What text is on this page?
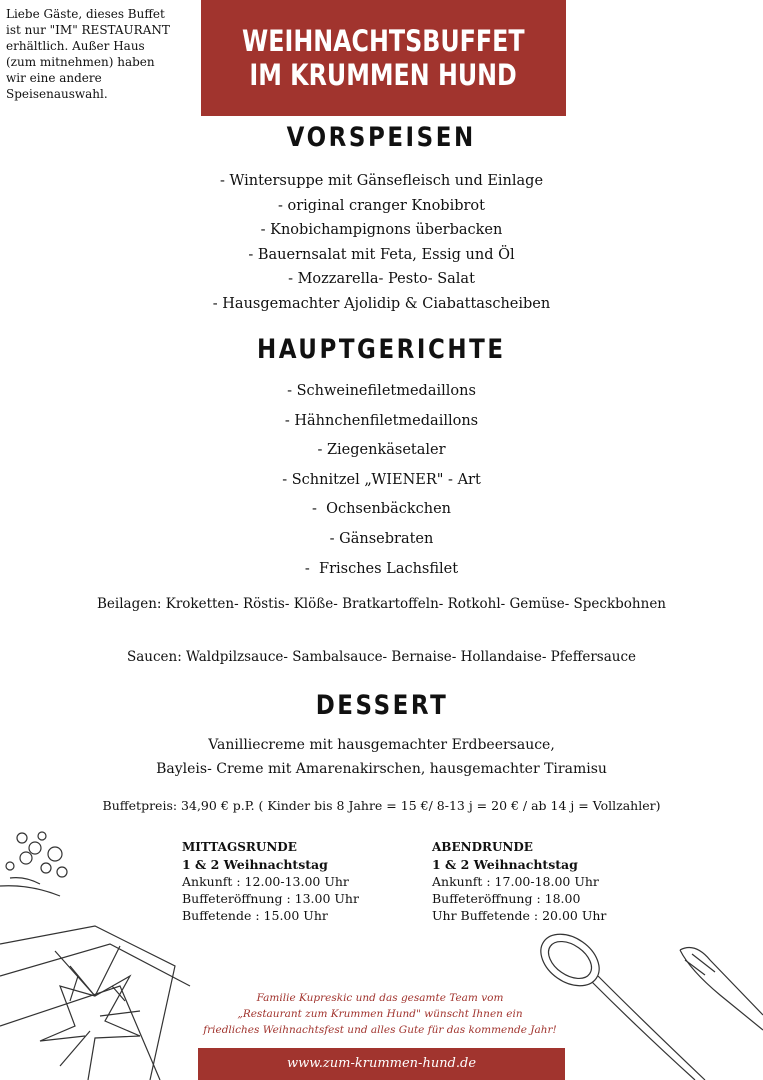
Liebe Gäste, dieses Buffet
ist nur "IM" RESTAURANT
erhältlich. Außer Haus
(zum mitnehmen) haben
wir eine andere
Speisenauswahl.
WEIHNACHTSBUFFET
IM KRUMMEN HUND
VORSPEISEN
- Wintersuppe mit Gänsefleisch und Einlage
- original cranger Knobibrot
- Knobichampignons überbacken
- Bauernsalat mit Feta, Essig und Öl
- Mozzarella- Pesto- Salat
- Hausgemachter Ajolidip & Ciabattascheiben
HAUPTGERICHTE
- Schweinefiletmedaillons
- Hähnchenfiletmedaillons
- Ziegenkäsetaler
- Schnitzel „WIENER" - Art
-  Ochsenbäckchen
- Gänsebraten
-  Frisches Lachsfilet
Beilagen: Kroketten- Röstis- Klöße- Bratkartoffeln- Rotkohl- Gemüse- Speckbohnen
Saucen: Waldpilzsauce- Sambalsauce- Bernaise- Hollandaise- Pfeffersauce
DESSERT
Vanilliecreme mit hausgemachter Erdbeersauce,
Bayleis- Creme mit Amarenakirschen, hausgemachter Tiramisu
Buffetpreis: 34,90 € p.P. ( Kinder bis 8 Jahre = 15 €/ 8-13 j = 20 € / ab 14 j = Vollzahler)
MITTAGSRUNDE
1 & 2 Weihnachtstag
Ankunft : 12.00-13.00 Uhr
Buffeteröffnung : 13.00 Uhr
Buffetende : 15.00 Uhr
ABENDRUNDE
1 & 2 Weihnachtstag
Ankunft : 17.00-18.00 Uhr
Buffeteröffnung : 18.00
Uhr Buffetende : 20.00 Uhr
Familie Kupreskic und das gesamte Team vom
„Restaurant zum Krummen Hund" wünscht Ihnen ein
friedliches Weihnachtsfest und alles Gute für das kommende Jahr!
www.zum-krummen-hund.de
